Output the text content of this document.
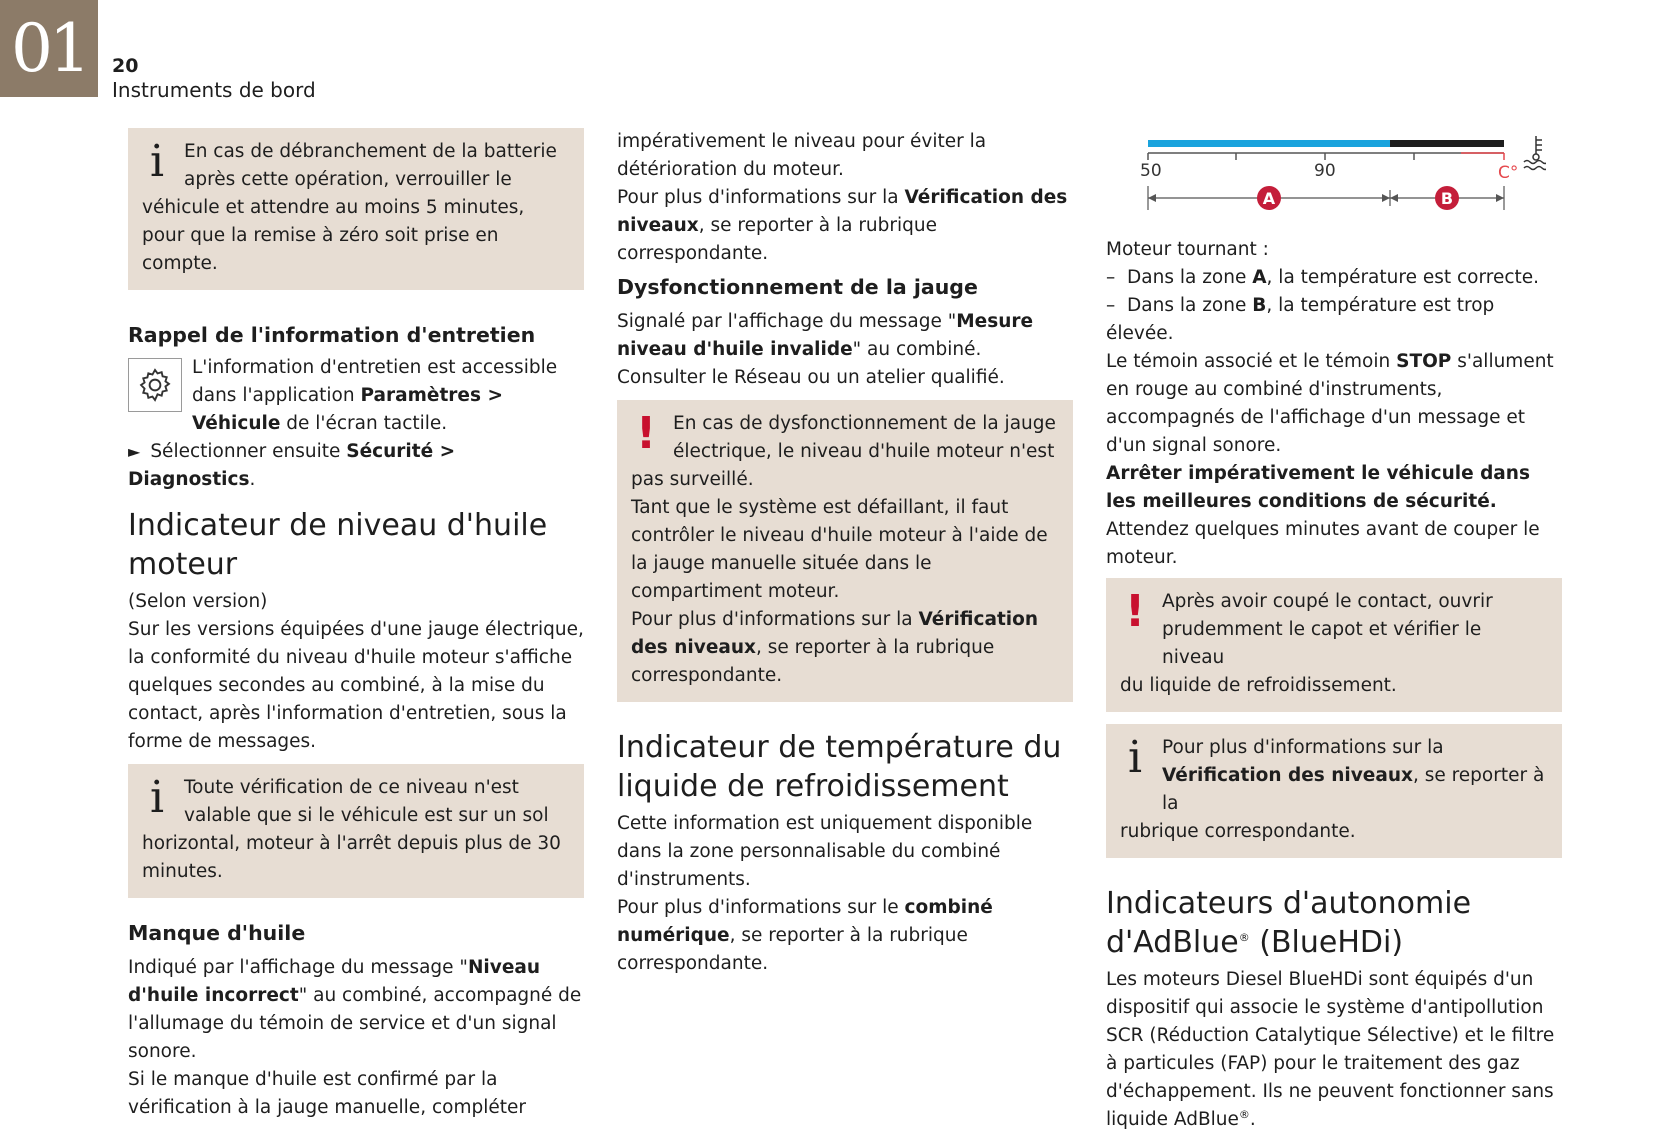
01	20
Instruments de bord
i	En cas de débranchement de la batterie après cette opération, verrouiller le
véhicule et attendre au moins 5 minutes, pour que la remise à zéro soit prise en compte.

Rappel de l'information d'entretien

L'information d'entretien est accessible dans l'application Paramètres > Véhicule de l'écran tactile.

► Sélectionner ensuite Sécurité > Diagnostics.

Indicateur de niveau d'huile moteur

(Selon version)

Sur les versions équipées d'une jauge électrique, la conformité du niveau d'huile moteur s'affiche quelques secondes au combiné, à la mise du contact, après l'information d'entretien, sous la forme de messages.

i	Toute vérification de ce niveau n'est valable que si le véhicule est sur un sol
horizontal, moteur à l'arrêt depuis plus de 30 minutes.

Manque d'huile

Indiqué par l'affichage du message "Niveau d'huile incorrect" au combiné, accompagné de l'allumage du témoin de service et d'un signal sonore.

Si le manque d'huile est confirmé par la vérification à la jauge manuelle, compléter

impérativement le niveau pour éviter la détérioration du moteur.

Pour plus d'informations sur la Vérification des niveaux, se reporter à la rubrique correspondante.

Dysfonctionnement de la jauge

Signalé par l'affichage du message "Mesure niveau d'huile invalide" au combiné.

Consulter le Réseau ou un atelier qualifié.

! En cas de dysfonctionnement de la jauge électrique, le niveau d'huile moteur n'est
pas surveillé.

Tant que le système est défaillant, il faut contrôler le niveau d'huile moteur à l'aide de la jauge manuelle située dans le compartiment moteur.

Pour plus d'informations sur la Vérification des niveaux, se reporter à la rubrique correspondante.

Indicateur de température du liquide de refroidissement

Cette information est uniquement disponible dans la zone personnalisable du combiné d'instruments.

Pour plus d'informations sur le combiné numérique, se reporter à la rubrique correspondante.

50	90	C°
A	B

Moteur tournant :

– Dans la zone A, la température est correcte.

– Dans la zone B, la température est trop élevée.

Le témoin associé et le témoin STOP s'allument en rouge au combiné d'instruments, accompagnés de l'affichage d'un message et d'un signal sonore.

Arrêter impérativement le véhicule dans les meilleures conditions de sécurité.

Attendez quelques minutes avant de couper le moteur.

! Après avoir coupé le contact, ouvrir prudemment le capot et vérifier le niveau
du liquide de refroidissement.

i	Pour plus d'informations sur la Vérification des niveaux, se reporter à la
rubrique correspondante.

Indicateurs d'autonomie d'AdBlue® (BlueHDi)

Les moteurs Diesel BlueHDi sont équipés d'un dispositif qui associe le système d'antipollution SCR (Réduction Catalytique Sélective) et le filtre à particules (FAP) pour le traitement des gaz d'échappement. Ils ne peuvent fonctionner sans liquide AdBlue®.
